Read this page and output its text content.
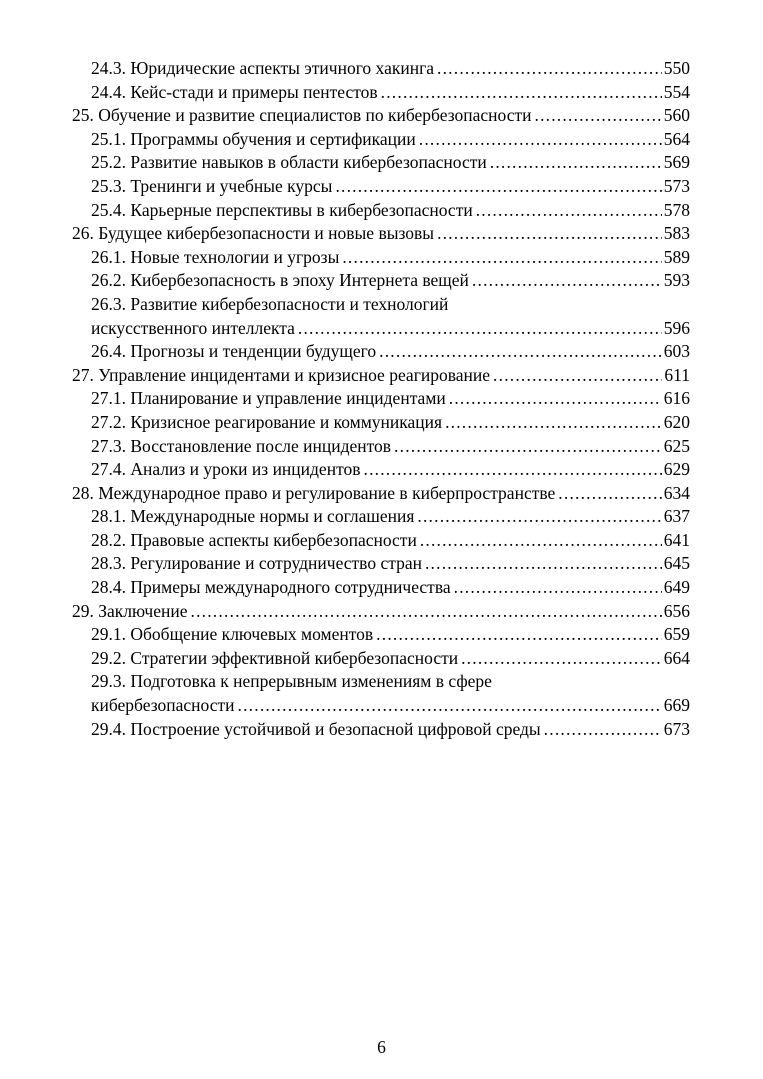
24.3. Юридические аспекты этичного хакинга .....	550
24.4. Кейс-стади и примеры пентестов .....	554
25. Обучение и развитие специалистов по кибербезопасности .....	560
25.1. Программы обучения и сертификации .....	564
25.2. Развитие навыков в области кибербезопасности .....	569
25.3. Тренинги и учебные курсы .....	573
25.4. Карьерные перспективы в кибербезопасности .....	578
26. Будущее кибербезопасности и новые вызовы .....	583
26.1. Новые технологии и угрозы .....	589
26.2. Кибербезопасность в эпоху Интернета вещей .....	593
26.3. Развитие кибербезопасности и технологий
искусственного интеллекта .....	596
26.4. Прогнозы и тенденции будущего .....	603
27. Управление инцидентами и кризисное реагирование .....	611
27.1. Планирование и управление инцидентами .....	616
27.2. Кризисное реагирование и коммуникация .....	620
27.3. Восстановление после инцидентов .....	625
27.4. Анализ и уроки из инцидентов .....	629
28. Международное право и регулирование в киберпространстве .....	634
28.1. Международные нормы и соглашения .....	637
28.2. Правовые аспекты кибербезопасности .....	641
28.3. Регулирование и сотрудничество стран .....	645
28.4. Примеры международного сотрудничества .....	649
29. Заключение .....	656
29.1. Обобщение ключевых моментов .....	659
29.2. Стратегии эффективной кибербезопасности .....	664
29.3. Подготовка к непрерывным изменениям в сфере
кибербезопасности .....	669
29.4. Построение устойчивой и безопасной цифровой среды .....	673
6
